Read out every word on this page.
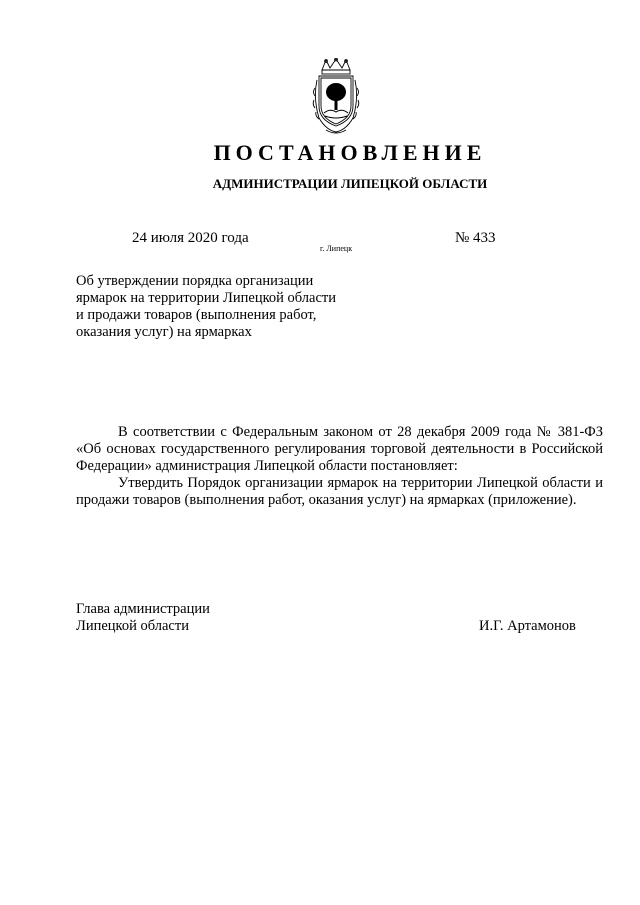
ПОСТАНОВЛЕНИЕ
АДМИНИСТРАЦИИ ЛИПЕЦКОЙ ОБЛАСТИ
24 июля 2020 года
г. Липецк
№ 433
Об утверждении порядка организации
ярмарок на территории Липецкой области
и продажи товаров (выполнения работ,
оказания услуг) на ярмарках

В соответствии с Федеральным законом от 28 декабря 2009 года № 381-ФЗ «Об основах государственного регулирования торговой деятельности в Российской Федерации» администрация Липецкой области постановляет:

Утвердить Порядок организации ярмарок на территории Липецкой области и продажи товаров (выполнения работ, оказания услуг) на ярмарках (приложение).

Глава администрации
Липецкой области	И.Г. Артамонов
